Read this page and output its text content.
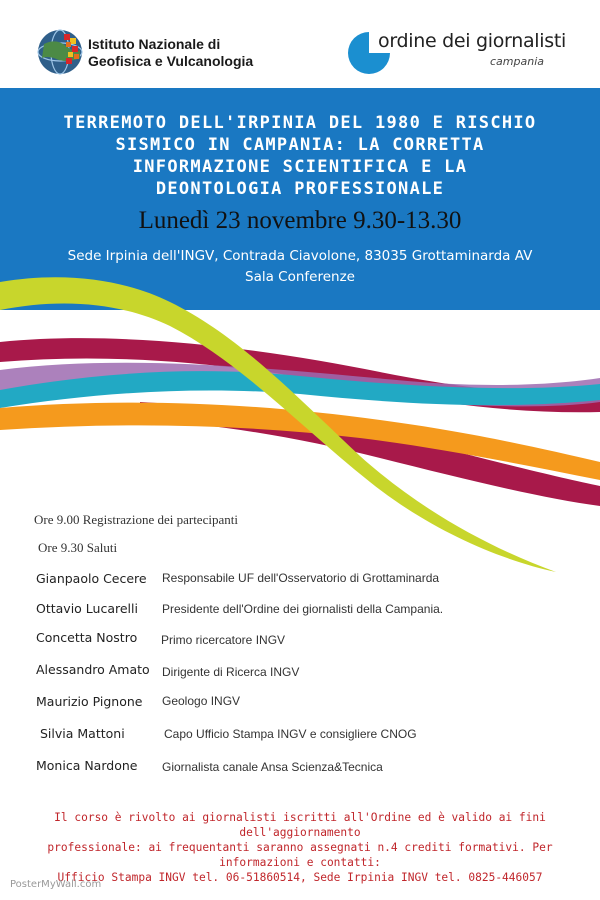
Istituto Nazionale di
Geofisica e Vulcanologia
ordine dei giornalisti
campania
TERREMOTO DELL'IRPINIA DEL 1980 E RISCHIO
SISMICO IN CAMPANIA: LA CORRETTA
INFORMAZIONE SCIENTIFICA E LA
DEONTOLOGIA PROFESSIONALE
Lunedì 23 novembre 9.30-13.30
Sede Irpinia dell'INGV, Contrada Ciavolone, 83035 Grottaminarda AV
Sala Conferenze
Ore 9.00 Registrazione dei partecipanti
Ore 9.30 Saluti
Gianpaolo Cecere Responsabile UF dell'Osservatorio di Grottaminarda
Ottavio Lucarelli Presidente dell'Ordine dei giornalisti della Campania.
Concetta Nostro Primo ricercatore INGV
Alessandro Amato Dirigente di Ricerca INGV
Maurizio Pignone Geologo INGV
Silvia Mattoni	Capo Ufficio Stampa INGV e consigliere CNOG
Monica Nardone Giornalista canale Ansa Scienza&Tecnica
Il corso è rivolto ai giornalisti iscritti all'Ordine ed è valido ai fini dell'aggiornamento
professionale: ai frequentanti saranno assegnati n.4 crediti formativi. Per informazioni e contatti:
Ufficio Stampa INGV tel. 06-51860514, Sede Irpinia INGV tel. 0825-446057
PosterMyWall.com
